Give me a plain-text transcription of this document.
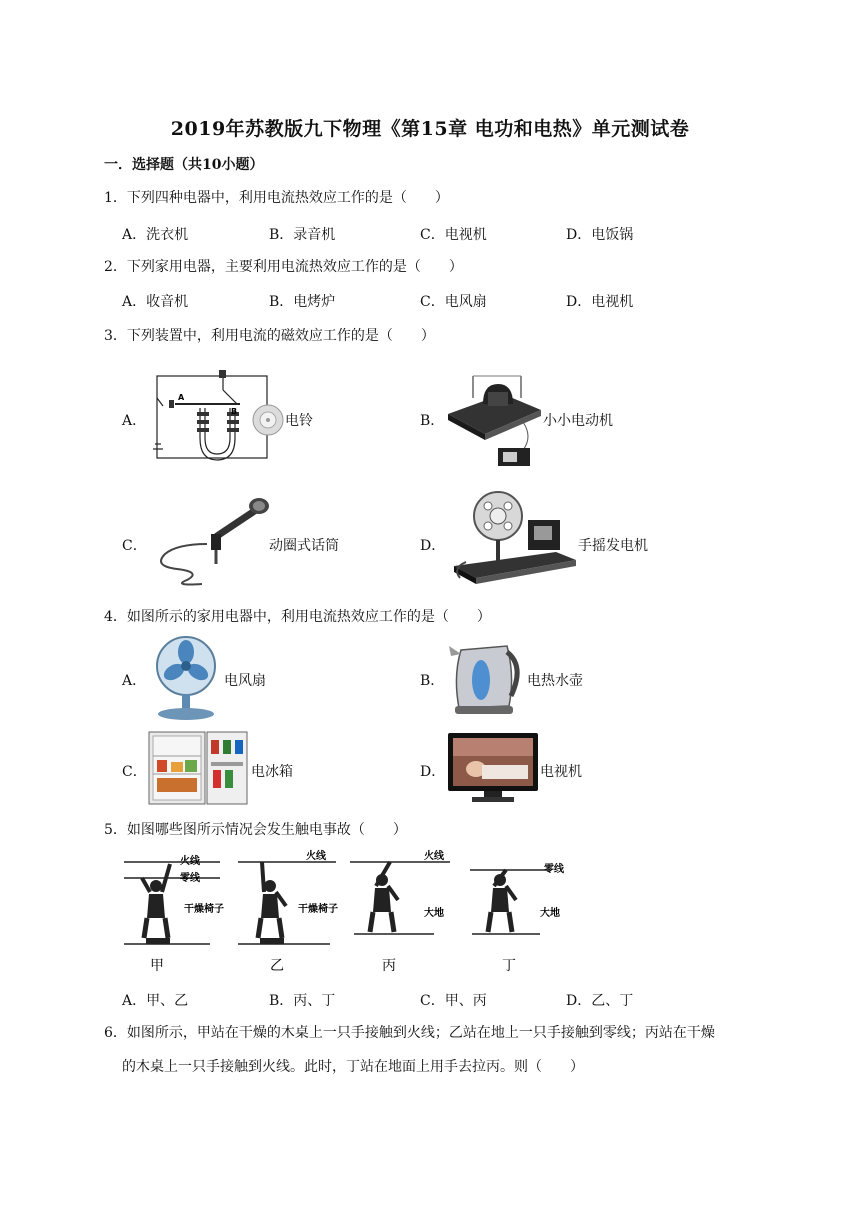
2019年苏教版九下物理《第15章 电功和电热》单元测试卷
一．选择题（共10小题）
1．下列四种电器中，利用电流热效应工作的是（　　）
A．洗衣机	B．录音机	C．电视机	D．电饭锅
2．下列家用电器，主要利用电流热效应工作的是（　　）
A．收音机	B．电烤炉	C．电风扇	D．电视机
3．下列装置中，利用电流的磁效应工作的是（　　）
A．
A
B
电铃	B．	小小电动机
C．	动圈式话筒	D．	手摇发电机
4．如图所示的家用电器中，利用电流热效应工作的是（　　）
A．	电风扇	B．	电热水壶
C．	电冰箱	D．	电视机
5．如图哪些图所示情况会发生触电事故（　　）
火线
零线
干燥椅子
火线
干燥椅子
火线
大地
零线
大地
甲	乙	丙	丁
A．甲、乙	B．丙、丁	C．甲、丙	D．乙、丁
6．如图所示，甲站在干燥的木桌上一只手接触到火线；乙站在地上一只手接触到零线；丙站在干燥
的木桌上一只手接触到火线。此时，丁站在地面上用手去拉丙。则（　　）
